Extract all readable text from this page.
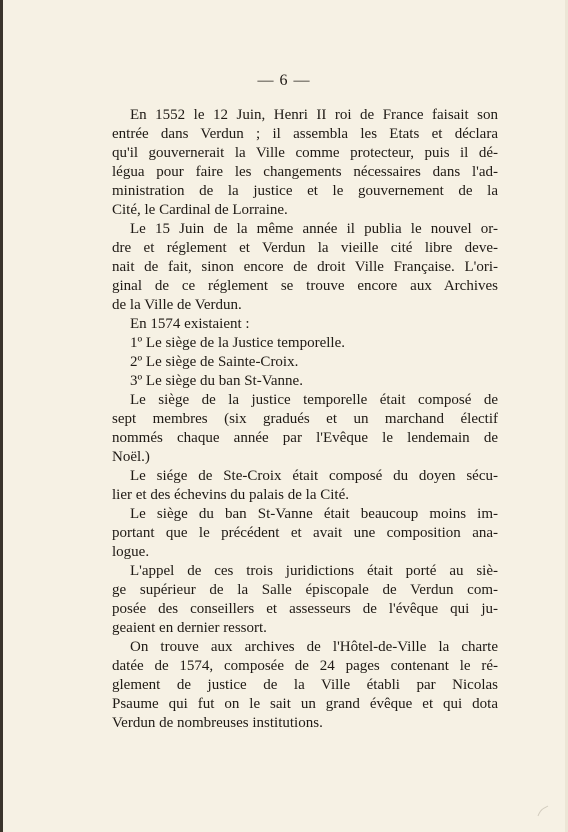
— 6 —
En 1552 le 12 Juin, Henri II roi de France faisait son
entrée dans Verdun ; il assembla les Etats et déclara
qu'il gouvernerait la Ville comme protecteur, puis il dé-
légua pour faire les changements nécessaires dans l'ad-
ministration de la justice et le gouvernement de la
Cité, le Cardinal de Lorraine.
Le 15 Juin de la même année il publia le nouvel or-
dre et réglement et Verdun la vieille cité libre deve-
nait de fait, sinon encore de droit Ville Française. L'ori-
ginal de ce réglement se trouve encore aux Archives
de la Ville de Verdun.
En 1574 existaient :
1º Le siège de la Justice temporelle.
2º Le siège de Sainte-Croix.
3º Le siège du ban St-Vanne.
Le siège de la justice temporelle était composé de
sept membres (six gradués et un marchand électif
nommés chaque année par l'Evêque le lendemain de
Noël.)
Le siége de Ste-Croix était composé du doyen sécu-
lier et des échevins du palais de la Cité.
Le siège du ban St-Vanne était beaucoup moins im-
portant que le précédent et avait une composition ana-
logue.
L'appel de ces trois juridictions était porté au siè-
ge supérieur de la Salle épiscopale de Verdun com-
posée des conseillers et assesseurs de l'évêque qui ju-
geaient en dernier ressort.
On trouve aux archives de l'Hôtel-de-Ville la charte
datée de 1574, composée de 24 pages contenant le ré-
glement de justice de la Ville établi par Nicolas
Psaume qui fut on le sait un grand évêque et qui dota
Verdun de nombreuses institutions.
